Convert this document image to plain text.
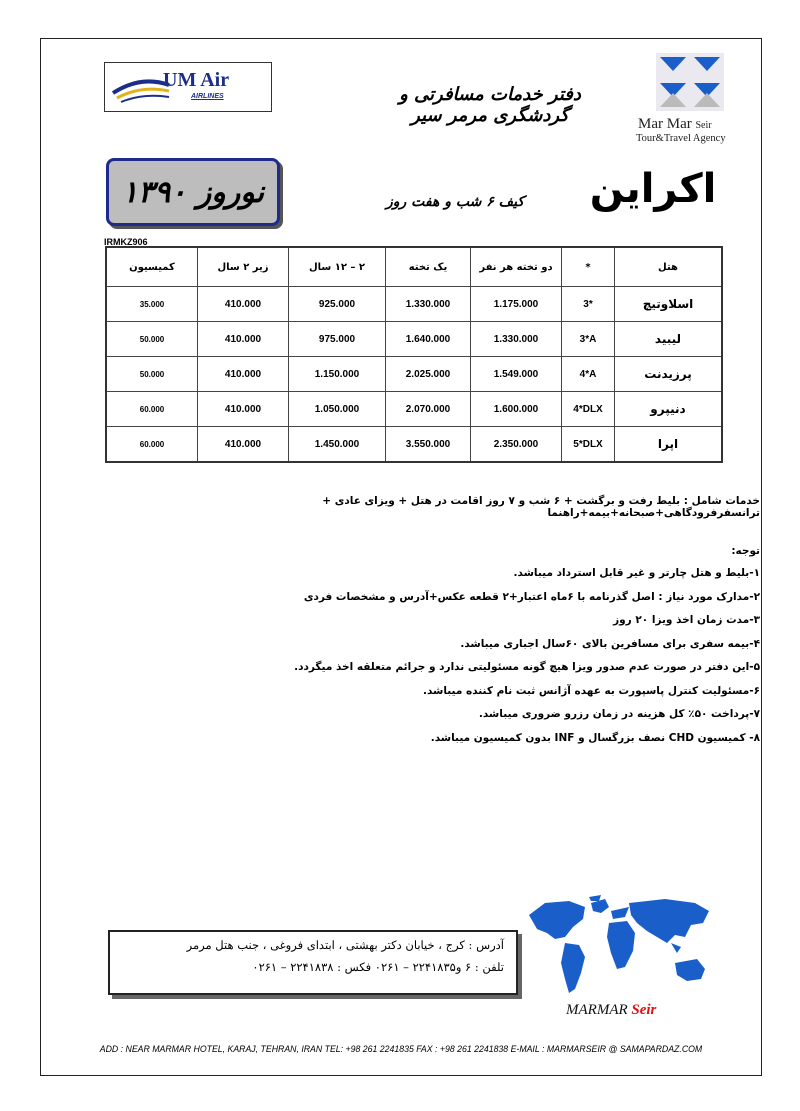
UM Air
AIRLINES	دفتر خدمات مسافرتی و گردشگری مرمر سیر	Mar Mar Seir
Tour&Travel Agency
نوروز ۱۳۹۰	کیف ۶ شب و هفت روز	اکراین
IRMKZ906
کمیسیون	زیر ۲ سال	۲ – ۱۲ سال	یک تخته	دو تخته هر نفر	*	هتل
35.000	410.000	925.000	1.330.000	1.175.000	3*	اسلاوتیچ
50.000	410.000	975.000	1.640.000	1.330.000	3*A	لیبید
50.000	410.000	1.150.000	2.025.000	1.549.000	4*A	پرزیدنت
60.000	410.000	1.050.000	2.070.000	1.600.000	4*DLX	دنیپرو
60.000	410.000	1.450.000	3.550.000	2.350.000	5*DLX	اپرا
خدمات شامل : بلیط رفت و برگشت + ۶ شب و ۷ روز اقامت در هتل + ویزای عادی + ترانسفرفرودگاهی+صبحانه+بیمه+راهنما
توجه:
۱-بلیط و هتل چارتر و غیر قابل استرداد میباشد.
۲-مدارک مورد نیاز : اصل گذرنامه با ۶ماه اعتبار+۲ قطعه عکس+آدرس و مشخصات فردی
۳-مدت زمان اخذ ویزا ۲۰ روز
۴-بیمه سفری برای مسافرین بالای ۶۰سال اجباری میباشد.
۵-این دفتر در صورت عدم صدور ویزا هیچ گونه مسئولیتی ندارد و جرائم متعلقه اخذ میگردد.
۶-مسئولیت کنترل پاسپورت به عهده آژانس ثبت نام کننده میباشد.
۷-پرداخت ۵۰٪ کل هزینه در زمان رزرو ضروری میباشد.
۸- کمیسیون CHD نصف بزرگسال و INF بدون کمیسیون میباشد.
MARMAR Seir
آدرس : کرج ، خیابان دکتر بهشتی ، ابتدای فروغی ، جنب هتل مرمر
تلفن : ۶ و۲۲۴۱۸۳۵ – ۰۲۶۱ فکس : ۲۲۴۱۸۳۸ – ۰۲۶۱
ADD : NEAR MARMAR HOTEL, KARAJ, TEHRAN, IRAN TEL: +98 261 2241835 FAX : +98 261 2241838 E-MAIL : MARMARSEIR @ SAMAPARDAZ.COM
